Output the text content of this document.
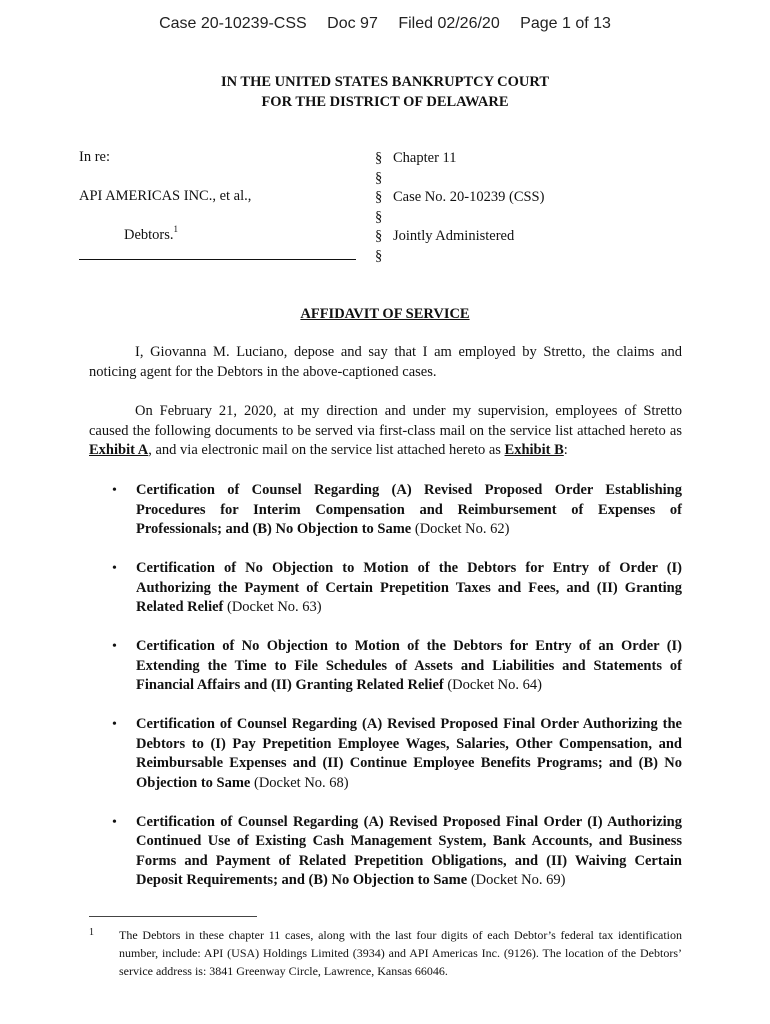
Case 20-10239-CSS Doc 97 Filed 02/26/20 Page 1 of 13
IN THE UNITED STATES BANKRUPTCY COURT
FOR THE DISTRICT OF DELAWARE
In re:
API AMERICAS INC., et al.,
Debtors.$^1$
§ Chapter 11
§
§ Case No. 20-10239 (CSS)
§
§ Jointly Administered
§
AFFIDAVIT OF SERVICE
I, Giovanna M. Luciano, depose and say that I am employed by Stretto, the claims and noticing agent for the Debtors in the above-captioned cases.
On February 21, 2020, at my direction and under my supervision, employees of Stretto caused the following documents to be served via first-class mail on the service list attached hereto as Exhibit A, and via electronic mail on the service list attached hereto as Exhibit B:
• Certification of Counsel Regarding (A) Revised Proposed Order Establishing Procedures for Interim Compensation and Reimbursement of Expenses of Professionals; and (B) No Objection to Same (Docket No. 62)
• Certification of No Objection to Motion of the Debtors for Entry of Order (I) Authorizing the Payment of Certain Prepetition Taxes and Fees, and (II) Granting Related Relief (Docket No. 63)
• Certification of No Objection to Motion of the Debtors for Entry of an Order (I) Extending the Time to File Schedules of Assets and Liabilities and Statements of Financial Affairs and (II) Granting Related Relief (Docket No. 64)
• Certification of Counsel Regarding (A) Revised Proposed Final Order Authorizing the Debtors to (I) Pay Prepetition Employee Wages, Salaries, Other Compensation, and Reimbursable Expenses and (II) Continue Employee Benefits Programs; and (B) No Objection to Same (Docket No. 68)
• Certification of Counsel Regarding (A) Revised Proposed Final Order (I) Authorizing Continued Use of Existing Cash Management System, Bank Accounts, and Business Forms and Payment of Related Prepetition Obligations, and (II) Waiving Certain Deposit Requirements; and (B) No Objection to Same (Docket No. 69)
1 The Debtors in these chapter 11 cases, along with the last four digits of each Debtor’s federal tax identification number, include: API (USA) Holdings Limited (3934) and API Americas Inc. (9126). The location of the Debtors’ service address is: 3841 Greenway Circle, Lawrence, Kansas 66046.
